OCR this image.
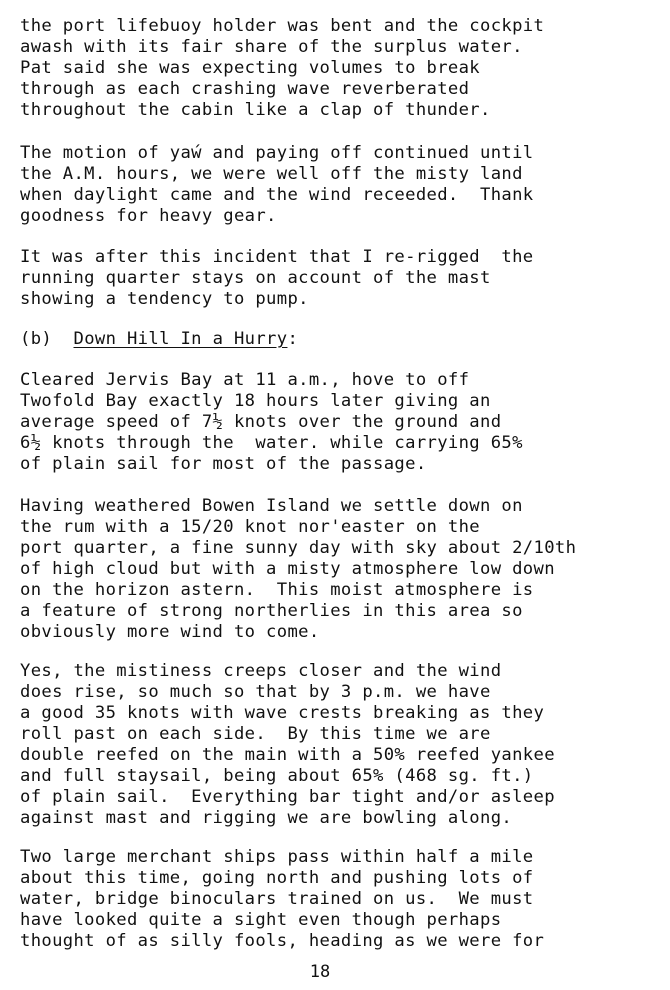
the port lifebuoy holder was bent and the cockpit
awash with its fair share of the surplus water.
Pat said she was expecting volumes to break
through as each crashing wave reverberated
throughout the cabin like a clap of thunder.
The motion of yaẃ and paying off continued until
the A.M. hours, we were well off the misty land
when daylight came and the wind receeded.  Thank
goodness for heavy gear.
It was after this incident that I re-rigged  the
running quarter stays on account of the mast
showing a tendency to pump.
(b) Down Hill In a Hurry:
Cleared Jervis Bay at 11 a.m., hove to off
Twofold Bay exactly 18 hours later giving an
average speed of 7½ knots over the ground and
6½ knots through the  water. while carrying 65%
of plain sail for most of the passage.
Having weathered Bowen Island we settle down on
the rum with a 15/20 knot nor'easter on the
port quarter, a fine sunny day with sky about 2/10th
of high cloud but with a misty atmosphere low down
on the horizon astern.  This moist atmosphere is
a feature of strong northerlies in this area so
obviously more wind to come.
Yes, the mistiness creeps closer and the wind
does rise, so much so that by 3 p.m. we have
a good 35 knots with wave crests breaking as they
roll past on each side.  By this time we are
double reefed on the main with a 50% reefed yankee
and full staysail, being about 65% (468 sg. ft.)
of plain sail.  Everything bar tight and/or asleep
against mast and rigging we are bowling along.
Two large merchant ships pass within half a mile
about this time, going north and pushing lots of
water, bridge binoculars trained on us.  We must
have looked quite a sight even though perhaps
thought of as silly fools, heading as we were for
18
